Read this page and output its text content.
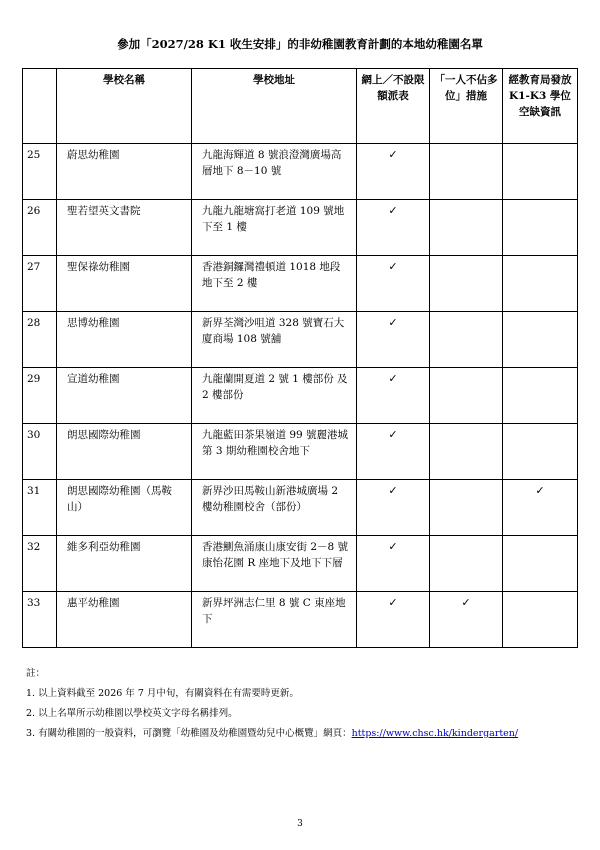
參加「2027/28 K1 收生安排」的非幼稚園教育計劃的本地幼稚園名單
	學校名稱	學校地址	網上／不設限額派表	「一人不佔多位」措施	經教育局發放 K1-K3 學位空缺資訊
25	蔚思幼稚園	九龍海輝道 8 號浪澄灣廣場高層地下 8－10 號	✓		
26	聖若望英文書院	九龍九龍塘窩打老道 109 號地下至 1 樓	✓		
27	聖保祿幼稚園	香港銅鑼灣禮頓道 1018 地段地下至 2 樓	✓		
28	思博幼稚園	新界荃灣沙咀道 328 號寶石大廈商場 108 號舖	✓		
29	宣道幼稚園	九龍蘭開夏道 2 號 1 樓部份 及 2 樓部份	✓		
30	朗思國際幼稚園	九龍藍田茶果嶺道 99 號麗港城第 3 期幼稚園校舍地下	✓		
31	朗思國際幼稚園（馬鞍山）	新界沙田馬鞍山新港城廣場 2 樓幼稚園校舍（部份）	✓		✓
32	維多利亞幼稚園	香港鰂魚涌康山康安街 2－8 號康怡花園 R 座地下及地下下層	✓		
33	惠平幼稚園	新界坪洲志仁里 8 號 C 東座地下	✓	✓	
註：
1. 以上資料截至 2026 年 7 月中旬，有關資料在有需要時更新。
2. 以上名單所示幼稚園以學校英文字母名稱排列。
3. 有關幼稚園的一般資料，可瀏覽「幼稚園及幼稚園暨幼兒中心概覽」網頁：https://www.chsc.hk/kindergarten/
3
